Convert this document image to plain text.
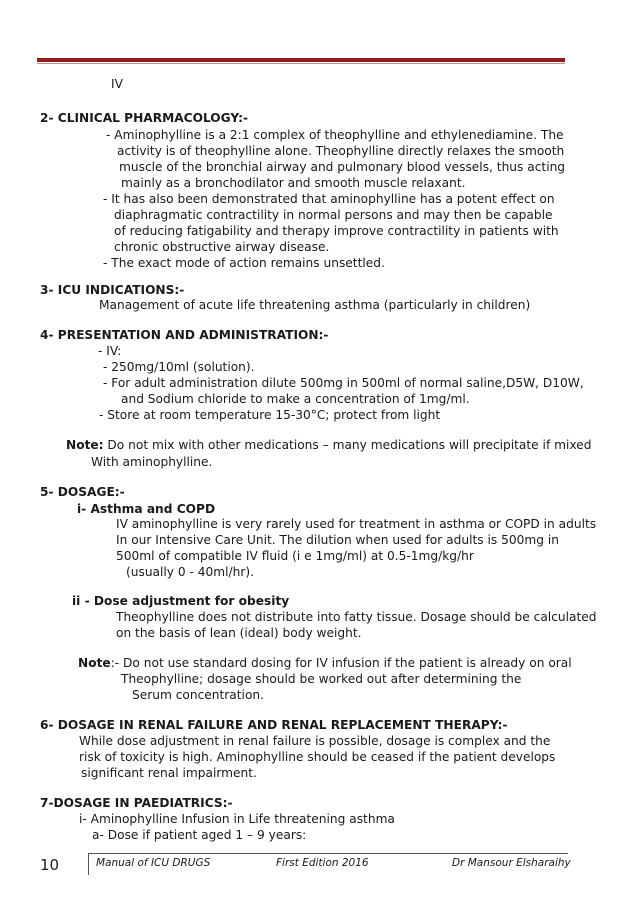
IV
2- CLINICAL PHARMACOLOGY:-
- Aminophylline is a 2:1 complex of theophylline and ethylenediamine. The
activity is of theophylline alone. Theophylline directly relaxes the smooth
muscle of the bronchial airway and pulmonary blood vessels, thus acting
mainly as a bronchodilator and smooth muscle relaxant.
- It has also been demonstrated that aminophylline has a potent effect on
diaphragmatic contractility in normal persons and may then be capable
of reducing fatigability and therapy improve contractility in patients with
chronic obstructive airway disease.
- The exact mode of action remains unsettled.
3- ICU INDICATIONS:-
Management of acute life threatening asthma (particularly in children)
4- PRESENTATION AND ADMINISTRATION:-
- IV:
- 250mg/10ml (solution).
- For adult administration dilute 500mg in 500ml of normal saline,D5W, D10W,
and Sodium chloride to make a concentration of 1mg/ml.
- Store at room temperature 15-30°C; protect from light
Note: Do not mix with other medications – many medications will precipitate if mixed
With aminophylline.
5- DOSAGE:-
i- Asthma and COPD
IV aminophylline is very rarely used for treatment in asthma or COPD in adults
In our Intensive Care Unit. The dilution when used for adults is 500mg in
500ml of compatible IV fluid (i e 1mg/ml) at 0.5-1mg/kg/hr
(usually 0 - 40ml/hr).
ii - Dose adjustment for obesity
Theophylline does not distribute into fatty tissue. Dosage should be calculated
on the basis of lean (ideal) body weight.
Note:- Do not use standard dosing for IV infusion if the patient is already on oral
Theophylline; dosage should be worked out after determining the
Serum concentration.
6- DOSAGE IN RENAL FAILURE AND RENAL REPLACEMENT THERAPY:-
While dose adjustment in renal failure is possible, dosage is complex and the
risk of toxicity is high. Aminophylline should be ceased if the patient develops
significant renal impairment.
7-DOSAGE IN PAEDIATRICS:-
i- Aminophylline Infusion in Life threatening asthma
a- Dose if patient aged 1 – 9 years:
10	Manual of ICU DRUGS	First Edition 2016	Dr Mansour Elsharaihy
